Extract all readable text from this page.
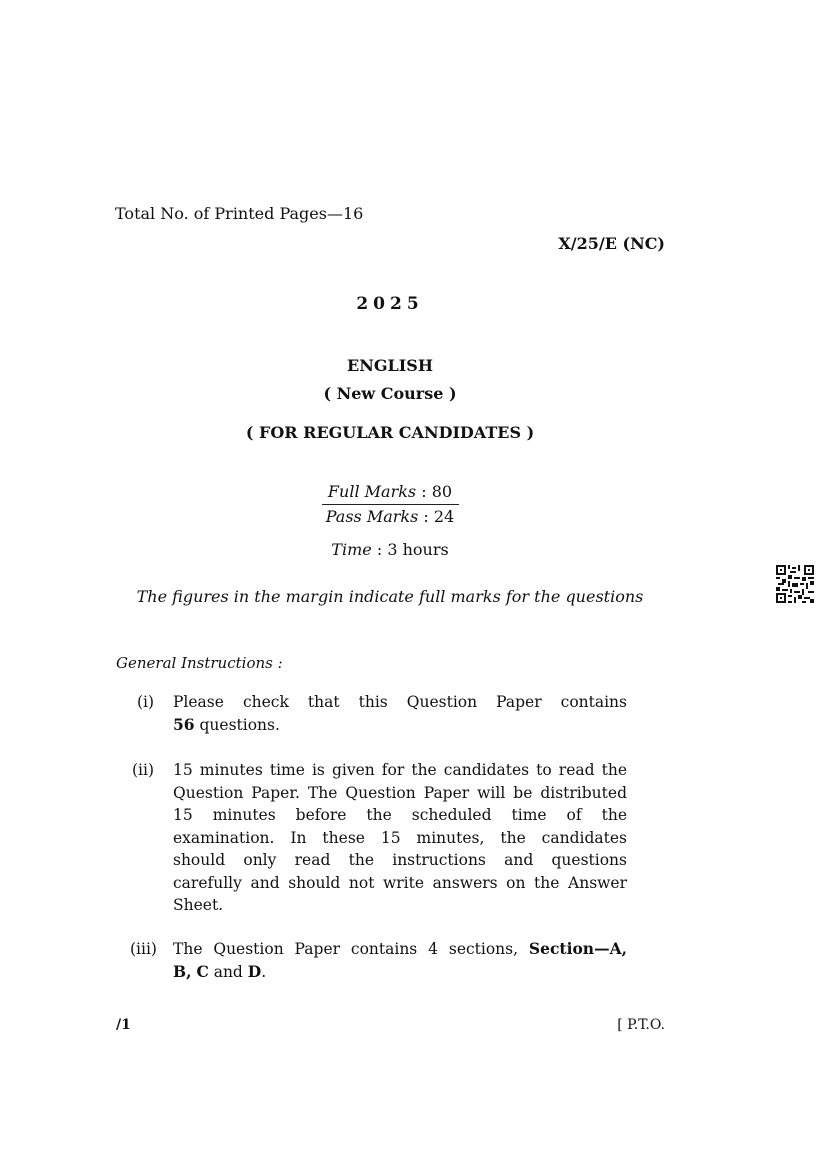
Total No. of Printed Pages—16
X/25/E (NC)
2025
ENGLISH
( New Course )
( FOR REGULAR CANDIDATES )
Full Marks : 80
Pass Marks : 24
Time : 3 hours
The figures in the margin indicate full marks for the questions
General Instructions :
(i) Please check that this Question Paper contains
56 questions.
(ii) 15 minutes time is given for the candidates to read the
Question Paper. The Question Paper will be distributed
15 minutes before the scheduled time of the
examination. In these 15 minutes, the candidates
should only read the instructions and questions
carefully and should not write answers on the Answer
Sheet.
(iii) The Question Paper contains 4 sections, Section—A,
B, C and D.
/1	[ P.T.O.
